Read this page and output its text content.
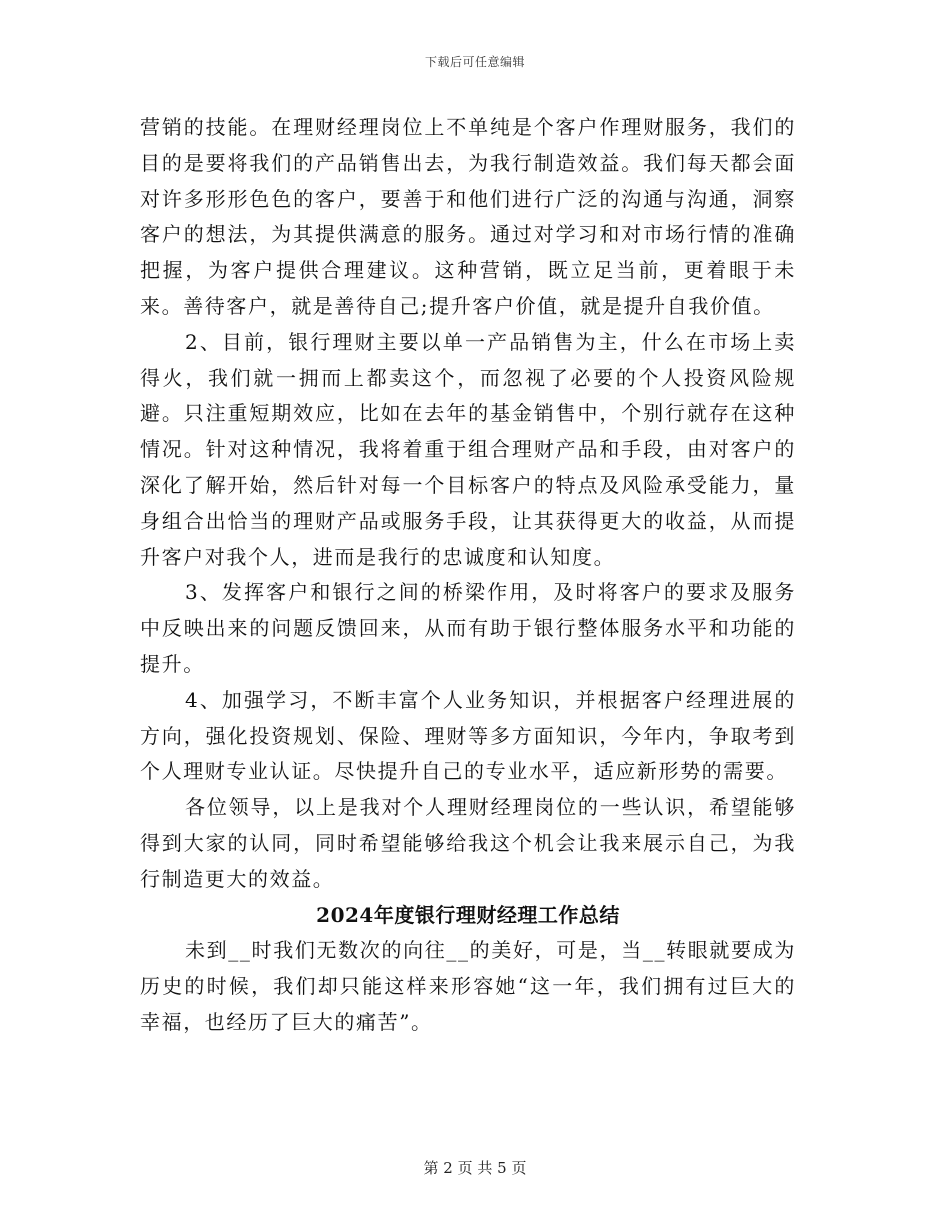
下载后可任意编辑

营销的技能。在理财经理岗位上不单纯是个客户作理财服务，我们的目的是要将我们的产品销售出去，为我行制造效益。我们每天都会面对许多形形色色的客户，要善于和他们进行广泛的沟通与沟通，洞察客户的想法，为其提供满意的服务。通过对学习和对市场行情的准确把握，为客户提供合理建议。这种营销，既立足当前，更着眼于未来。善待客户，就是善待自己;提升客户价值，就是提升自我价值。

2、目前，银行理财主要以单一产品销售为主，什么在市场上卖得火，我们就一拥而上都卖这个，而忽视了必要的个人投资风险规避。只注重短期效应，比如在去年的基金销售中，个别行就存在这种情况。针对这种情况，我将着重于组合理财产品和手段，由对客户的深化了解开始，然后针对每一个目标客户的特点及风险承受能力，量身组合出恰当的理财产品或服务手段，让其获得更大的收益，从而提升客户对我个人，进而是我行的忠诚度和认知度。

3、发挥客户和银行之间的桥梁作用，及时将客户的要求及服务中反映出来的问题反馈回来，从而有助于银行整体服务水平和功能的提升。

4、加强学习，不断丰富个人业务知识，并根据客户经理进展的方向，强化投资规划、保险、理财等多方面知识，今年内，争取考到个人理财专业认证。尽快提升自己的专业水平，适应新形势的需要。

各位领导，以上是我对个人理财经理岗位的一些认识，希望能够得到大家的认同，同时希望能够给我这个机会让我来展示自己，为我行制造更大的效益。

2024年度银行理财经理工作总结

未到__时我们无数次的向往__的美好，可是，当__转眼就要成为历史的时候，我们却只能这样来形容她“这一年，我们拥有过巨大的幸福，也经历了巨大的痛苦”。

第 2 页 共 5 页
